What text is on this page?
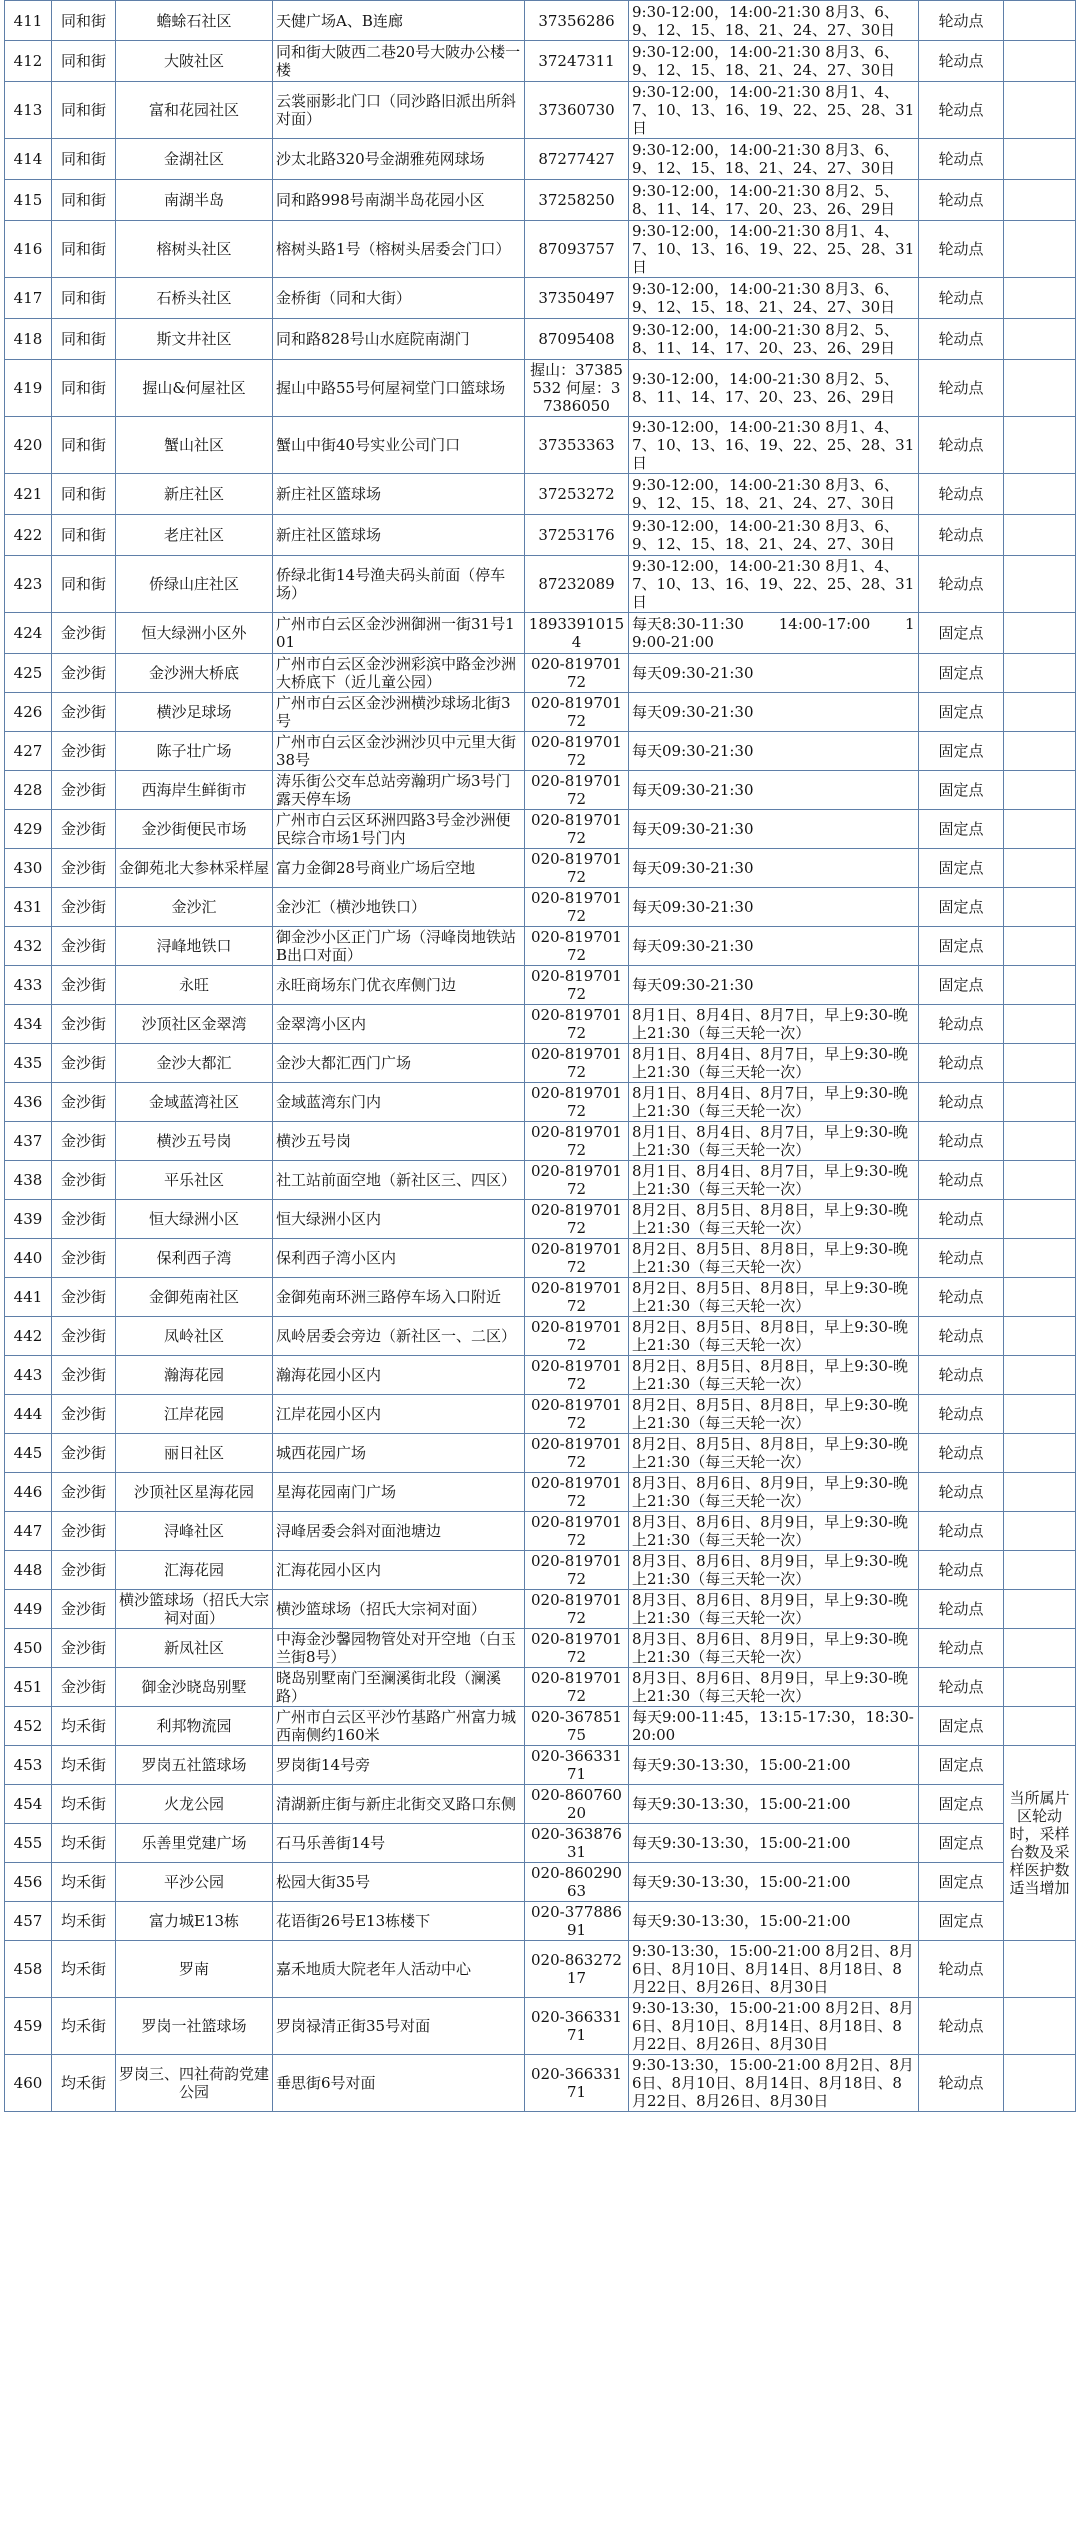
411	同和街	蟾蜍石社区	天健广场A、B连廊	37356286	9:30-12:00，14:00-21:30 8月3、6、9、12、15、18、21、24、27、30日	轮动点	
412	同和街	大陂社区	同和街大陂西二巷20号大陂办公楼一楼	37247311	9:30-12:00，14:00-21:30 8月3、6、9、12、15、18、21、24、27、30日	轮动点	
413	同和街	富和花园社区	云裳丽影北门口（同沙路旧派出所斜对面）	37360730	9:30-12:00，14:00-21:30 8月1、4、7、10、13、16、19、22、25、28、31日	轮动点	
414	同和街	金湖社区	沙太北路320号金湖雅苑网球场	87277427	9:30-12:00，14:00-21:30 8月3、6、9、12、15、18、21、24、27、30日	轮动点	
415	同和街	南湖半岛	同和路998号南湖半岛花园小区	37258250	9:30-12:00，14:00-21:30 8月2、5、8、11、14、17、20、23、26、29日	轮动点	
416	同和街	榕树头社区	榕树头路1号（榕树头居委会门口）	87093757	9:30-12:00，14:00-21:30 8月1、4、7、10、13、16、19、22、25、28、31日	轮动点	
417	同和街	石桥头社区	金桥街（同和大街）	37350497	9:30-12:00，14:00-21:30 8月3、6、9、12、15、18、21、24、27、30日	轮动点	
418	同和街	斯文井社区	同和路828号山水庭院南湖门	87095408	9:30-12:00，14:00-21:30 8月2、5、8、11、14、17、20、23、26、29日	轮动点	
419	同和街	握山&何屋社区	握山中路55号何屋祠堂门口篮球场	握山：37385532 何屋：37386050	9:30-12:00，14:00-21:30 8月2、5、8、11、14、17、20、23、26、29日	轮动点	
420	同和街	蟹山社区	蟹山中街40号实业公司门口	37353363	9:30-12:00，14:00-21:30 8月1、4、7、10、13、16、19、22、25、28、31日	轮动点	
421	同和街	新庄社区	新庄社区篮球场	37253272	9:30-12:00，14:00-21:30 8月3、6、9、12、15、18、21、24、27、30日	轮动点	
422	同和街	老庄社区	新庄社区篮球场	37253176	9:30-12:00，14:00-21:30 8月3、6、9、12、15、18、21、24、27、30日	轮动点	
423	同和街	侨绿山庄社区	侨绿北街14号渔夫码头前面（停车场）	87232089	9:30-12:00，14:00-21:30 8月1、4、7、10、13、16、19、22、25、28、31日	轮动点	
424	金沙街	恒大绿洲小区外	广州市白云区金沙洲御洲一街31号101	18933910154	每天8:30-11:30 　　14:00-17:00 　　19:00-21:00	固定点	
425	金沙街	金沙洲大桥底	广州市白云区金沙洲彩滨中路金沙洲大桥底下（近儿童公园）	020-81970172	每天09:30-21:30	固定点	
426	金沙街	横沙足球场	广州市白云区金沙洲横沙球场北街3号	020-81970172	每天09:30-21:30	固定点	
427	金沙街	陈子壮广场	广州市白云区金沙洲沙贝中元里大街38号	020-81970172	每天09:30-21:30	固定点	
428	金沙街	西海岸生鲜街市	涛乐街公交车总站旁瀚玥广场3号门露天停车场	020-81970172	每天09:30-21:30	固定点	
429	金沙街	金沙街便民市场	广州市白云区环洲四路3号金沙洲便民综合市场1号门内	020-81970172	每天09:30-21:30	固定点	
430	金沙街	金御苑北大参林采样屋	富力金御28号商业广场后空地	020-81970172	每天09:30-21:30	固定点	
431	金沙街	金沙汇	金沙汇（横沙地铁口）	020-81970172	每天09:30-21:30	固定点	
432	金沙街	浔峰地铁口	御金沙小区正门广场（浔峰岗地铁站B出口对面）	020-81970172	每天09:30-21:30	固定点	
433	金沙街	永旺	永旺商场东门优衣库侧门边	020-81970172	每天09:30-21:30	固定点	
434	金沙街	沙顶社区金翠湾	金翠湾小区内	020-81970172	8月1日、8月4日、8月7日，早上9:30-晚上21:30（每三天轮一次）	轮动点	
435	金沙街	金沙大都汇	金沙大都汇西门广场	020-81970172	8月1日、8月4日、8月7日，早上9:30-晚上21:30（每三天轮一次）	轮动点	
436	金沙街	金域蓝湾社区	金域蓝湾东门内	020-81970172	8月1日、8月4日、8月7日，早上9:30-晚上21:30（每三天轮一次）	轮动点	
437	金沙街	横沙五号岗	横沙五号岗	020-81970172	8月1日、8月4日、8月7日，早上9:30-晚上21:30（每三天轮一次）	轮动点	
438	金沙街	平乐社区	社工站前面空地（新社区三、四区）	020-81970172	8月1日、8月4日、8月7日，早上9:30-晚上21:30（每三天轮一次）	轮动点	
439	金沙街	恒大绿洲小区	恒大绿洲小区内	020-81970172	8月2日、8月5日、8月8日，早上9:30-晚上21:30（每三天轮一次）	轮动点	
440	金沙街	保利西子湾	保利西子湾小区内	020-81970172	8月2日、8月5日、8月8日，早上9:30-晚上21:30（每三天轮一次）	轮动点	
441	金沙街	金御苑南社区	金御苑南环洲三路停车场入口附近	020-81970172	8月2日、8月5日、8月8日，早上9:30-晚上21:30（每三天轮一次）	轮动点	
442	金沙街	凤岭社区	凤岭居委会旁边（新社区一、二区）	020-81970172	8月2日、8月5日、8月8日，早上9:30-晚上21:30（每三天轮一次）	轮动点	
443	金沙街	瀚海花园	瀚海花园小区内	020-81970172	8月2日、8月5日、8月8日，早上9:30-晚上21:30（每三天轮一次）	轮动点	
444	金沙街	江岸花园	江岸花园小区内	020-81970172	8月2日、8月5日、8月8日，早上9:30-晚上21:30（每三天轮一次）	轮动点	
445	金沙街	丽日社区	城西花园广场	020-81970172	8月2日、8月5日、8月8日，早上9:30-晚上21:30（每三天轮一次）	轮动点	
446	金沙街	沙顶社区星海花园	星海花园南门广场	020-81970172	8月3日、8月6日、8月9日，早上9:30-晚上21:30（每三天轮一次）	轮动点	
447	金沙街	浔峰社区	浔峰居委会斜对面池塘边	020-81970172	8月3日、8月6日、8月9日，早上9:30-晚上21:30（每三天轮一次）	轮动点	
448	金沙街	汇海花园	汇海花园小区内	020-81970172	8月3日、8月6日、8月9日，早上9:30-晚上21:30（每三天轮一次）	轮动点	
449	金沙街	横沙篮球场（招氏大宗祠对面）	横沙篮球场（招氏大宗祠对面）	020-81970172	8月3日、8月6日、8月9日，早上9:30-晚上21:30（每三天轮一次）	轮动点	
450	金沙街	新凤社区	中海金沙馨园物管处对开空地（白玉兰街8号）	020-81970172	8月3日、8月6日、8月9日，早上9:30-晚上21:30（每三天轮一次）	轮动点	
451	金沙街	御金沙晓岛别墅	晓岛别墅南门至澜溪街北段（澜溪路）	020-81970172	8月3日、8月6日、8月9日，早上9:30-晚上21:30（每三天轮一次）	轮动点	
452	均禾街	利邦物流园	广州市白云区平沙竹基路广州富力城西南侧约160米	020-36785175	每天9:00-11:45，13:15-17:30，18:30-20:00	固定点	
453	均禾街	罗岗五社篮球场	罗岗街14号旁	020-36633171	每天9:30-13:30，15:00-21:00	固定点	当所属片区轮动时，采样台数及采样医护数适当增加
454	均禾街	火龙公园	清湖新庄街与新庄北街交叉路口东侧	020-86076020	每天9:30-13:30，15:00-21:00	固定点	
455	均禾街	乐善里党建广场	石马乐善街14号	020-36387631	每天9:30-13:30，15:00-21:00	固定点	
456	均禾街	平沙公园	松园大街35号	020-86029063	每天9:30-13:30，15:00-21:00	固定点	
457	均禾街	富力城E13栋	花语街26号E13栋楼下	020-37788691	每天9:30-13:30，15:00-21:00	固定点	
458	均禾街	罗南	嘉禾地质大院老年人活动中心	020-86327217	9:30-13:30，15:00-21:00 8月2日、8月6日、8月10日、8月14日、8月18日、8月22日、8月26日、8月30日	轮动点	
459	均禾街	罗岗一社篮球场	罗岗禄清正街35号对面	020-36633171	9:30-13:30，15:00-21:00 8月2日、8月6日、8月10日、8月14日、8月18日、8月22日、8月26日、8月30日	轮动点	
460	均禾街	罗岗三、四社荷韵党建公园	垂思街6号对面	020-36633171	9:30-13:30，15:00-21:00 8月2日、8月6日、8月10日、8月14日、8月18日、8月22日、8月26日、8月30日	轮动点	
